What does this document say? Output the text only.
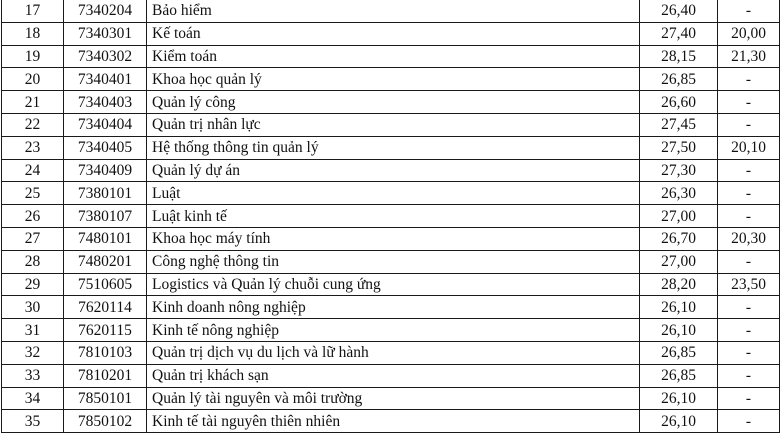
17	7340204	Bảo hiểm	26,40	-
18	7340301	Kế toán	27,40	20,00
19	7340302	Kiểm toán	28,15	21,30
20	7340401	Khoa học quản lý	26,85	-
21	7340403	Quản lý công	26,60	-
22	7340404	Quản trị nhân lực	27,45	-
23	7340405	Hệ thống thông tin quản lý	27,50	20,10
24	7340409	Quản lý dự án	27,30	-
25	7380101	Luật	26,30	-
26	7380107	Luật kinh tế	27,00	-
27	7480101	Khoa học máy tính	26,70	20,30
28	7480201	Công nghệ thông tin	27,00	-
29	7510605	Logistics và Quản lý chuỗi cung ứng	28,20	23,50
30	7620114	Kinh doanh nông nghiệp	26,10	-
31	7620115	Kinh tế nông nghiệp	26,10	-
32	7810103	Quản trị dịch vụ du lịch và lữ hành	26,85	-
33	7810201	Quản trị khách sạn	26,85	-
34	7850101	Quản lý tài nguyên và môi trường	26,10	-
35	7850102	Kinh tế tài nguyên thiên nhiên	26,10	-
